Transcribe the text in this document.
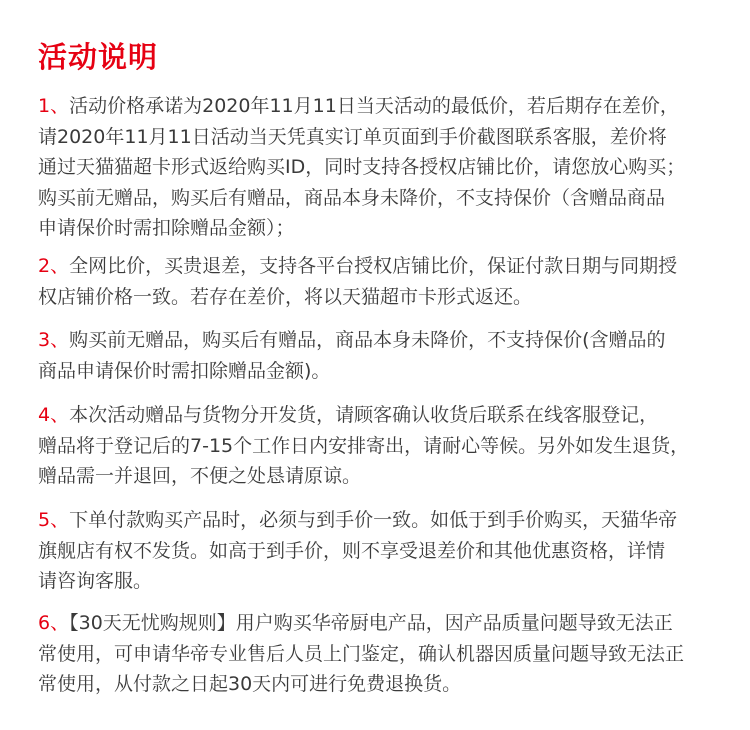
活动说明
1、活动价格承诺为2020年11月11日当天活动的最低价，若后期存在差价，
请2020年11月11日活动当天凭真实订单页面到手价截图联系客服，差价将
通过天猫猫超卡形式返给购买ID，同时支持各授权店铺比价，请您放心购买；
购买前无赠品，购买后有赠品，商品本身未降价，不支持保价（含赠品商品
申请保价时需扣除赠品金额）；
2、全网比价，买贵退差，支持各平台授权店铺比价，保证付款日期与同期授
权店铺价格一致。若存在差价，将以天猫超市卡形式返还。
3、购买前无赠品，购买后有赠品，商品本身未降价，不支持保价(含赠品的
商品申请保价时需扣除赠品金额)。
4、本次活动赠品与货物分开发货，请顾客确认收货后联系在线客服登记，
赠品将于登记后的7-15个工作日内安排寄出，请耐心等候。另外如发生退货，
赠品需一并退回，不便之处恳请原谅。
5、下单付款购买产品时，必须与到手价一致。如低于到手价购买，天猫华帝
旗舰店有权不发货。如高于到手价，则不享受退差价和其他优惠资格，详情
请咨询客服。
6、【30天无忧购规则】用户购买华帝厨电产品，因产品质量问题导致无法正
常使用，可申请华帝专业售后人员上门鉴定，确认机器因质量问题导致无法正
常使用，从付款之日起30天内可进行免费退换货。
